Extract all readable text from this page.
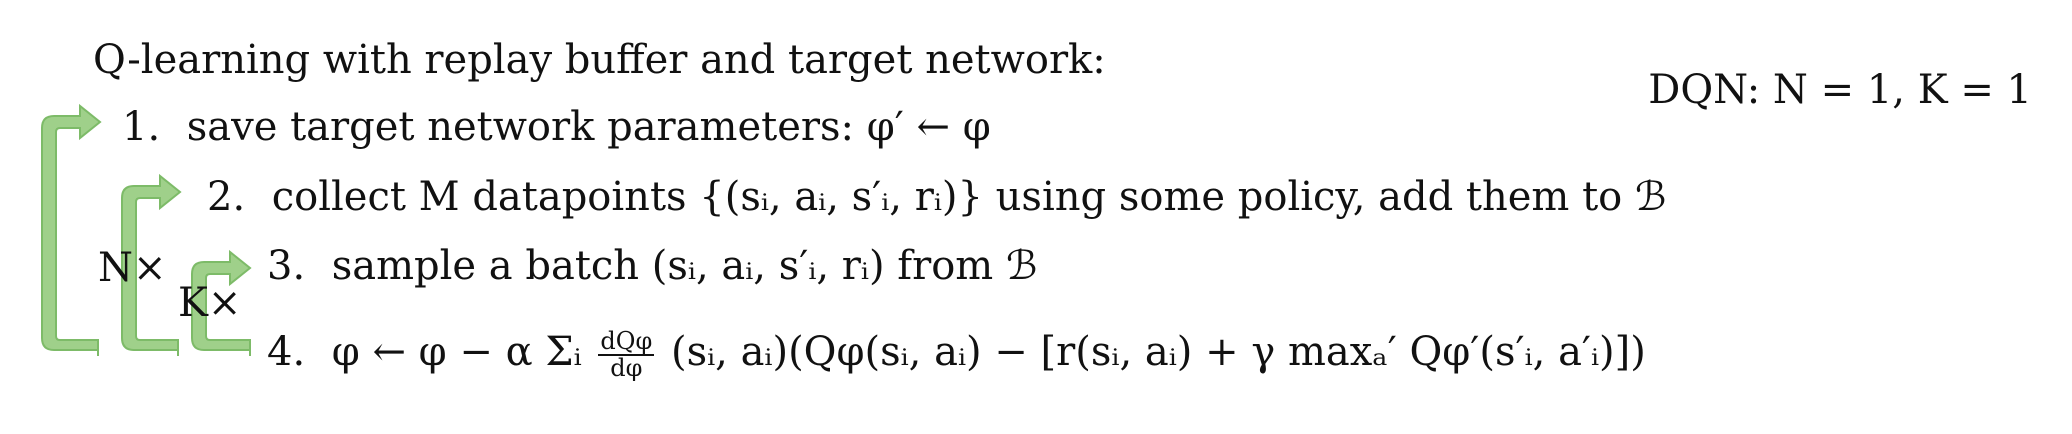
Q-learning with replay buffer and target network:
DQN: N = 1, K = 1
N×
K×
1. save target network parameters: φ′ ← φ
2. collect M datapoints {(sᵢ, aᵢ, s′ᵢ, rᵢ)} using some policy, add them to ℬ
3. sample a batch (sᵢ, aᵢ, s′ᵢ, rᵢ) from ℬ
4. φ ← φ − α Σᵢ $\frac{\text{dQφ}}{d\varphi}$ (sᵢ, aᵢ)(Qφ(sᵢ, aᵢ) − [r(sᵢ, aᵢ) + γ maxₐ′ Qφ′(s′ᵢ, a′ᵢ)])
